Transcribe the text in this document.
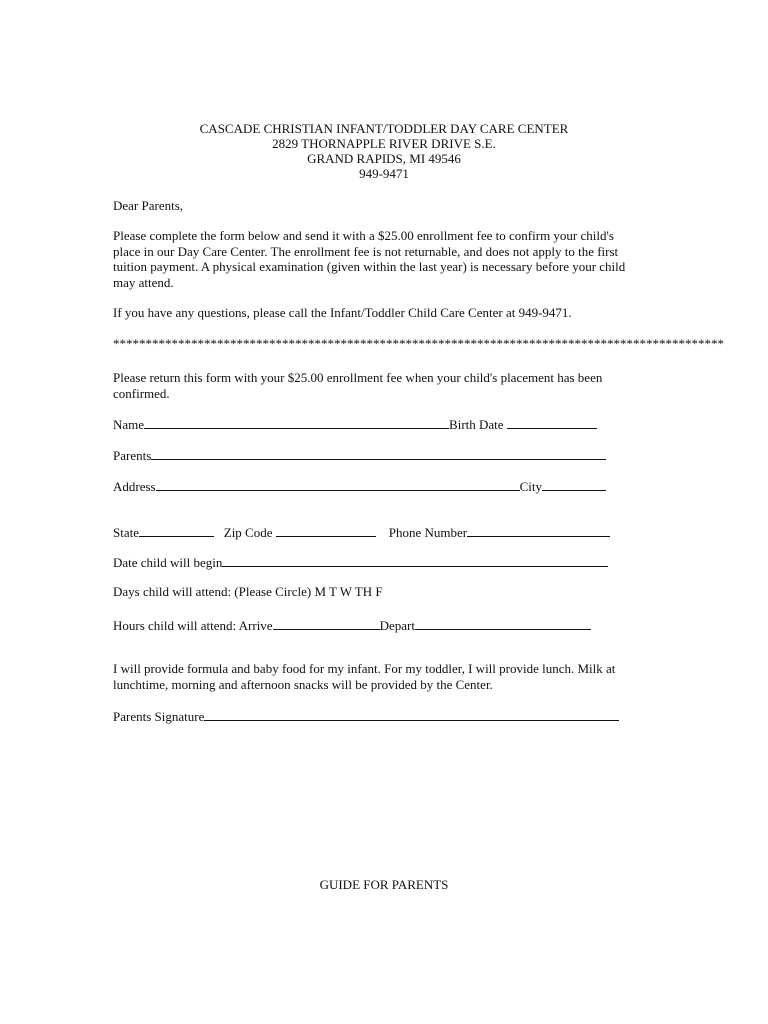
CASCADE CHRISTIAN INFANT/TODDLER DAY CARE CENTER
2829 THORNAPPLE RIVER DRIVE S.E.
GRAND RAPIDS, MI 49546
949-9471
Dear Parents,
Please complete the form below and send it with a $25.00 enrollment fee to confirm your child's place in our Day Care Center. The enrollment fee is not returnable, and does not apply to the first tuition payment. A physical examination (given within the last year) is necessary before your child may attend.
If you have any questions, please call the Infant/Toddler Child Care Center at 949-9471.
**********************************************************************************************
Please return this form with your $25.00 enrollment fee when your child's placement has been confirmed.
Name	Birth Date
Parents
Address	City
State	Zip Code	Phone Number
Date child will begin
Days child will attend: (Please Circle) M T W TH F
Hours child will attend: Arrive	Depart
I will provide formula and baby food for my infant. For my toddler, I will provide lunch. Milk at lunchtime, morning and afternoon snacks will be provided by the Center.
Parents Signature
GUIDE FOR PARENTS
